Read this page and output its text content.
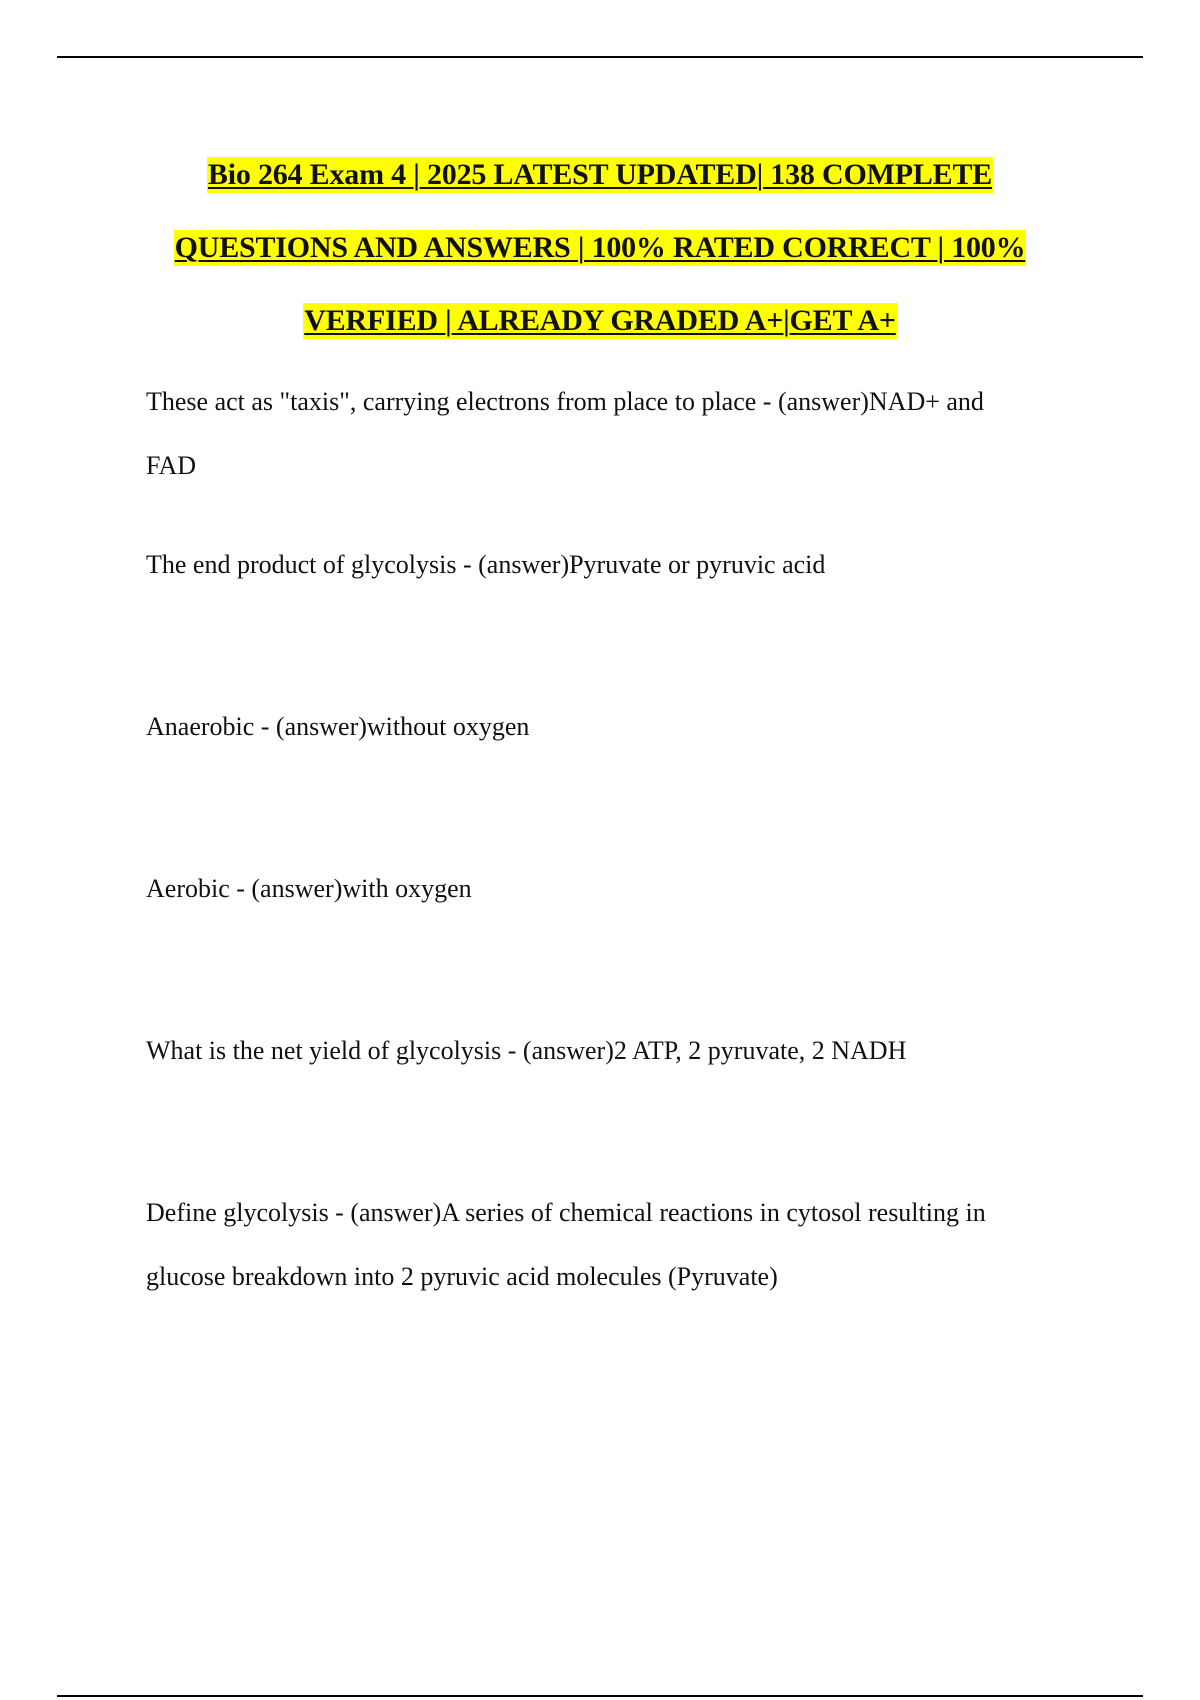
Bio 264 Exam 4 | 2025 LATEST UPDATED| 138 COMPLETE
QUESTIONS AND ANSWERS | 100% RATED CORRECT | 100%
VERFIED | ALREADY GRADED A+|GET A+

These act as "taxis", carrying electrons from place to place - (answer)NAD+ and

FAD

The end product of glycolysis - (answer)Pyruvate or pyruvic acid

Anaerobic - (answer)without oxygen

Aerobic - (answer)with oxygen

What is the net yield of glycolysis - (answer)2 ATP, 2 pyruvate, 2 NADH

Define glycolysis - (answer)A series of chemical reactions in cytosol resulting in

glucose breakdown into 2 pyruvic acid molecules (Pyruvate)
